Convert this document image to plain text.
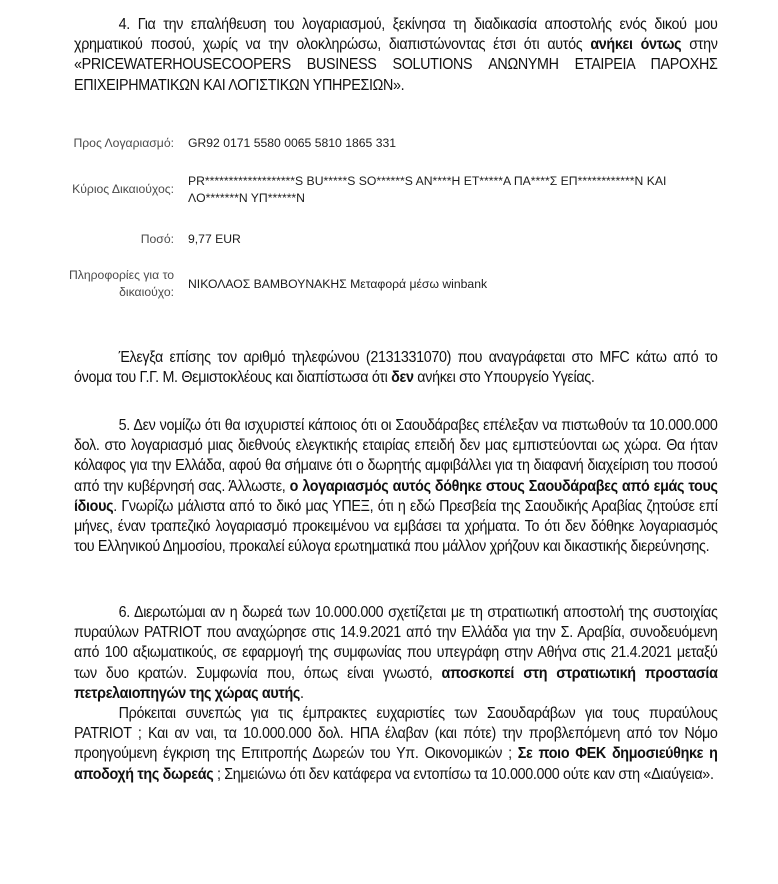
4. Για την επαλήθευση του λογαριασμού, ξεκίνησα τη διαδικασία αποστολής ενός δικού μου χρηματικού ποσού, χωρίς να την ολοκληρώσω, διαπιστώνοντας έτσι ότι αυτός ανήκει όντως στην «PRICEWATERHOUSECOOPERS BUSINESS SOLUTIONS ΑΝΩΝΥΜΗ ΕΤΑΙΡΕΙΑ ΠΑΡΟΧΗΣ ΕΠΙΧΕΙΡΗΜΑΤΙΚΩΝ ΚΑΙ ΛΟΓΙΣΤΙΚΩΝ ΥΠΗΡΕΣΙΩΝ».
Προς Λογαριασμό:	GR92 0171 5580 0065 5810 1865 331
Κύριος Δικαιούχος:
PR*******************S BU*****S SO******S AN****H ET*****A ΠA****Σ EΠ************N KAI ΛO*******N YΠ******N
Ποσό:	9,77 EUR
Πληροφορίες για το
δικαιούχο:
ΝΙΚΟΛΑΟΣ ΒΑΜΒΟΥΝΑΚΗΣ Μεταφορά μέσω winbank
Έλεγξα επίσης τον αριθμό τηλεφώνου (2131331070) που αναγράφεται στο MFC κάτω από το όνομα του Γ.Γ. Μ. Θεμιστοκλέους και διαπίστωσα ότι δεν ανήκει στο Υπουργείο Υγείας.
5. Δεν νομίζω ότι θα ισχυριστεί κάποιος ότι οι Σαουδάραβες επέλεξαν να πιστωθούν τα 10.000.000 δολ. στο λογαριασμό μιας διεθνούς ελεγκτικής εταιρίας επειδή δεν μας εμπιστεύονται ως χώρα. Θα ήταν κόλαφος για την Ελλάδα, αφού θα σήμαινε ότι ο δωρητής αμφιβάλλει για τη διαφανή διαχείριση του ποσού από την κυβέρνησή σας. Άλλωστε, ο λογαριασμός αυτός δόθηκε στους Σαουδάραβες από εμάς τους ίδιους. Γνωρίζω μάλιστα από το δικό μας ΥΠΕΞ, ότι η εδώ Πρεσβεία της Σαουδικής Αραβίας ζητούσε επί μήνες, έναν τραπεζικό λογαριασμό προκειμένου να εμβάσει τα χρήματα. Το ότι δεν δόθηκε λογαριασμός του Ελληνικού Δημοσίου, προκαλεί εύλογα ερωτηματικά που μάλλον χρήζουν και δικαστικής διερεύνησης.
6. Διερωτώμαι αν η δωρεά των 10.000.000 σχετίζεται με τη στρατιωτική αποστολή της συστοιχίας πυραύλων PATRIOT που αναχώρησε στις 14.9.2021 από την Ελλάδα για την Σ. Αραβία, συνοδευόμενη από 100 αξιωματικούς, σε εφαρμογή της συμφωνίας που υπεγράφη στην Αθήνα στις 21.4.2021 μεταξύ των δυο κρατών. Συμφωνία που, όπως είναι γνωστό, αποσκοπεί στη στρατιωτική προστασία πετρελαιοπηγών της χώρας αυτής.
Πρόκειται συνεπώς για τις έμπρακτες ευχαριστίες των Σαουδαράβων για τους πυραύλους PATRIOT ; Και αν ναι, τα 10.000.000 δολ. ΗΠΑ έλαβαν (και πότε) την προβλεπόμενη από τον Νόμο προηγούμενη έγκριση της Επιτροπής Δωρεών του Υπ. Οικονομικών ; Σε ποιο ΦΕΚ δημοσιεύθηκε η αποδοχή της δωρεάς ; Σημειώνω ότι δεν κατάφερα να εντοπίσω τα 10.000.000 ούτε καν στη «Διαύγεια».
